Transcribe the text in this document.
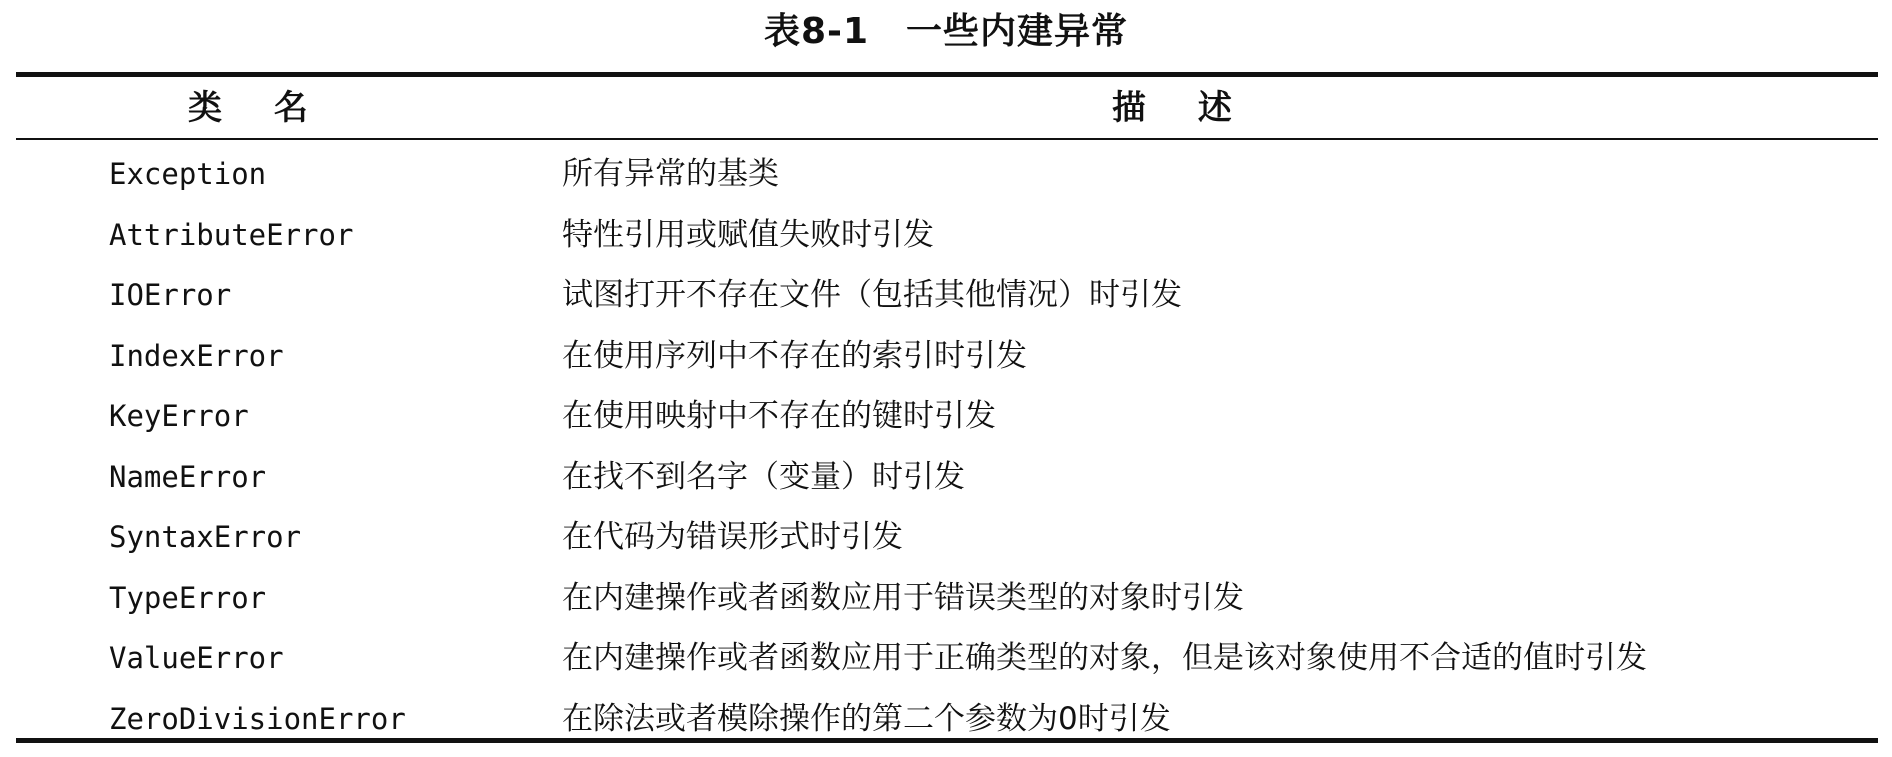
表8-1　一些内建异常
类 名	描 述
Exception	所有异常的基类
AttributeError	特性引用或赋值失败时引发
IOError	试图打开不存在文件（包括其他情况）时引发
IndexError	在使用序列中不存在的索引时引发
KeyError	在使用映射中不存在的键时引发
NameError	在找不到名字（变量）时引发
SyntaxError	在代码为错误形式时引发
TypeError	在内建操作或者函数应用于错误类型的对象时引发
ValueError	在内建操作或者函数应用于正确类型的对象，但是该对象使用不合适的值时引发
ZeroDivisionError	在除法或者模除操作的第二个参数为0时引发
